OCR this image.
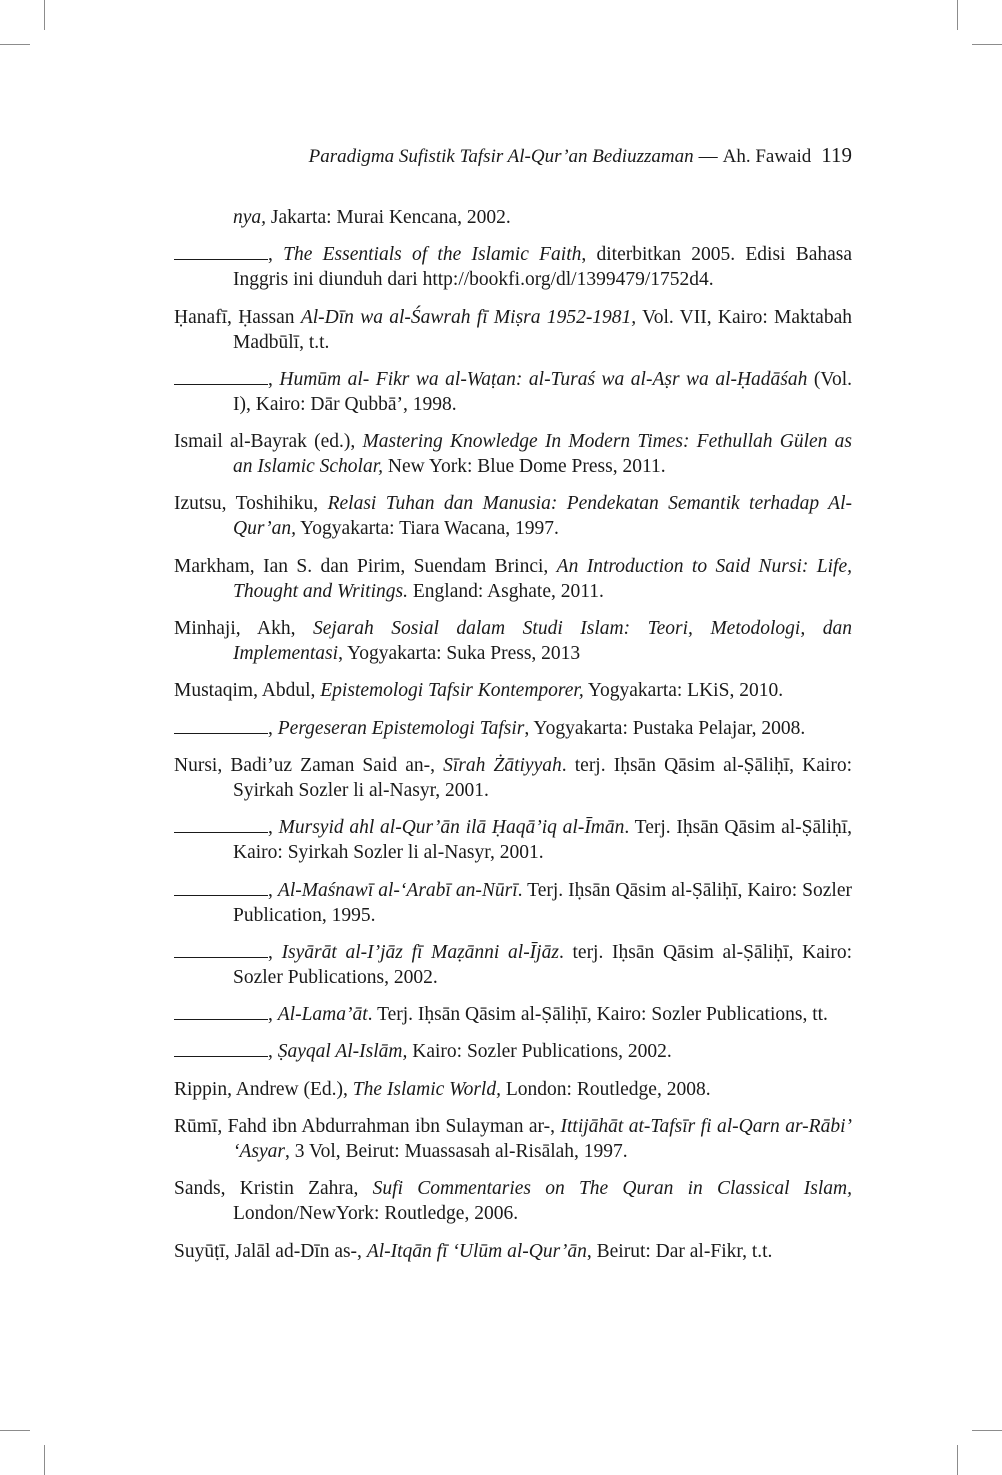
Paradigma Sufistik Tafsir Al-Qur’an Bediuzzaman — Ah. Fawaid 119

nya, Jakarta: Murai Kencana, 2002.

, The Essentials of the Islamic Faith, diterbitkan 2005. Edisi Bahasa Inggris ini diunduh dari http://bookfi.org/dl/1399479/1752d4.

Ḥanafī, Ḥassan Al-Dīn wa al-Śawrah fī Miṣra 1952-1981, Vol. VII, Kairo: Maktabah Madbūlī, t.t.

, Humūm al- Fikr wa al-Waṭan: al-Turaś wa al-Aṣr wa al-Ḥadāśah (Vol. I), Kairo: Dār Qubbā’, 1998.

Ismail al-Bayrak (ed.), Mastering Knowledge In Modern Times: Fethullah Gülen as an Islamic Scholar, New York: Blue Dome Press, 2011.

Izutsu, Toshihiku, Relasi Tuhan dan Manusia: Pendekatan Semantik terhadap Al-Qur’an, Yogyakarta: Tiara Wacana, 1997.

Markham, Ian S. dan Pirim, Suendam Brinci, An Introduction to Said Nursi: Life, Thought and Writings. England: Asghate, 2011.

Minhaji, Akh, Sejarah Sosial dalam Studi Islam: Teori, Metodologi, dan Implementasi, Yogyakarta: Suka Press, 2013

Mustaqim, Abdul, Epistemologi Tafsir Kontemporer, Yogyakarta: LKiS, 2010.

, Pergeseran Epistemologi Tafsir, Yogyakarta: Pustaka Pelajar, 2008.

Nursi, Badi’uz Zaman Said an-, Sīrah Żātiyyah. terj. Iḥsān Qāsim al-Ṣāliḥī, Kairo: Syirkah Sozler li al-Nasyr, 2001.

, Mursyid ahl al-Qur’ān ilā Ḥaqā’iq al-Īmān. Terj. Iḥsān Qāsim al-Ṣāliḥī, Kairo: Syirkah Sozler li al-Nasyr, 2001.

, Al-Maśnawī al-‘Arabī an-Nūrī. Terj. Iḥsān Qāsim al-Ṣāliḥī, Kairo: Sozler Publication, 1995.

, Isyārāt al-I’jāz fī Maẓānni al-Ījāz. terj. Iḥsān Qāsim al-Ṣāliḥī, Kairo: Sozler Publications, 2002.

, Al-Lama’āt. Terj. Iḥsān Qāsim al-Ṣāliḥī, Kairo: Sozler Publications, tt.

, Ṣayqal Al-Islām, Kairo: Sozler Publications, 2002.

Rippin, Andrew (Ed.), The Islamic World, London: Routledge, 2008.

Rūmī, Fahd ibn Abdurrahman ibn Sulayman ar-, Ittijāhāt at-Tafsīr fi al-Qarn ar-Rābi’ ‘Asyar, 3 Vol, Beirut: Muassasah al-Risālah, 1997.

Sands, Kristin Zahra, Sufi Commentaries on The Quran in Classical Islam, London/NewYork: Routledge, 2006.

Suyūṭī, Jalāl ad-Dīn as-, Al-Itqān fī ‘Ulūm al-Qur’ān, Beirut: Dar al-Fikr, t.t.
